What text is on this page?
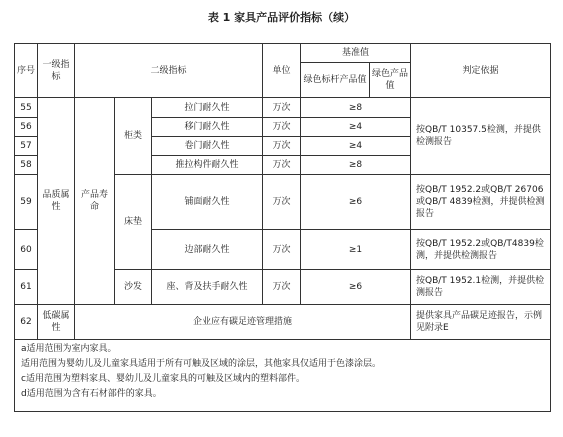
表 1 家具产品评价指标（续）
序号	一级指标	二级指标			单位	基准值		判定依据
						绿色标杆产品值	绿色产品值	
55	品质属性	产品寿命	柜类	拉门耐久性	万次	≥8		按QB/T 10357.5检测，并提供检测报告
56				移门耐久性	万次	≥4		
57				卷门耐久性	万次	≥4		
58				推拉构件耐久性	万次	≥8		
59			床垫	铺面耐久性	万次	≥6		按QB/T 1952.2或QB/T 26706或QB/T 4839检测，并提供检测报告
60				边部耐久性	万次	≥1		按QB/T 1952.2或QB/T4839检测，并提供检测报告
61			沙发	座、背及扶手耐久性	万次	≥6		按QB/T 1952.1检测，并提供检测报告
62	低碳属性	企业应有碳足迹管理措施						提供家具产品碳足迹报告，示例见附录E

a适用范围为室内家具。
适用范围为婴幼儿及儿童家具适用于所有可触及区域的涂层，其他家具仅适用于色漆涂层。
c适用范围为塑料家具、婴幼儿及儿童家具的可触及区域内的塑料部件。
d适用范围为含有石材部件的家具。								
